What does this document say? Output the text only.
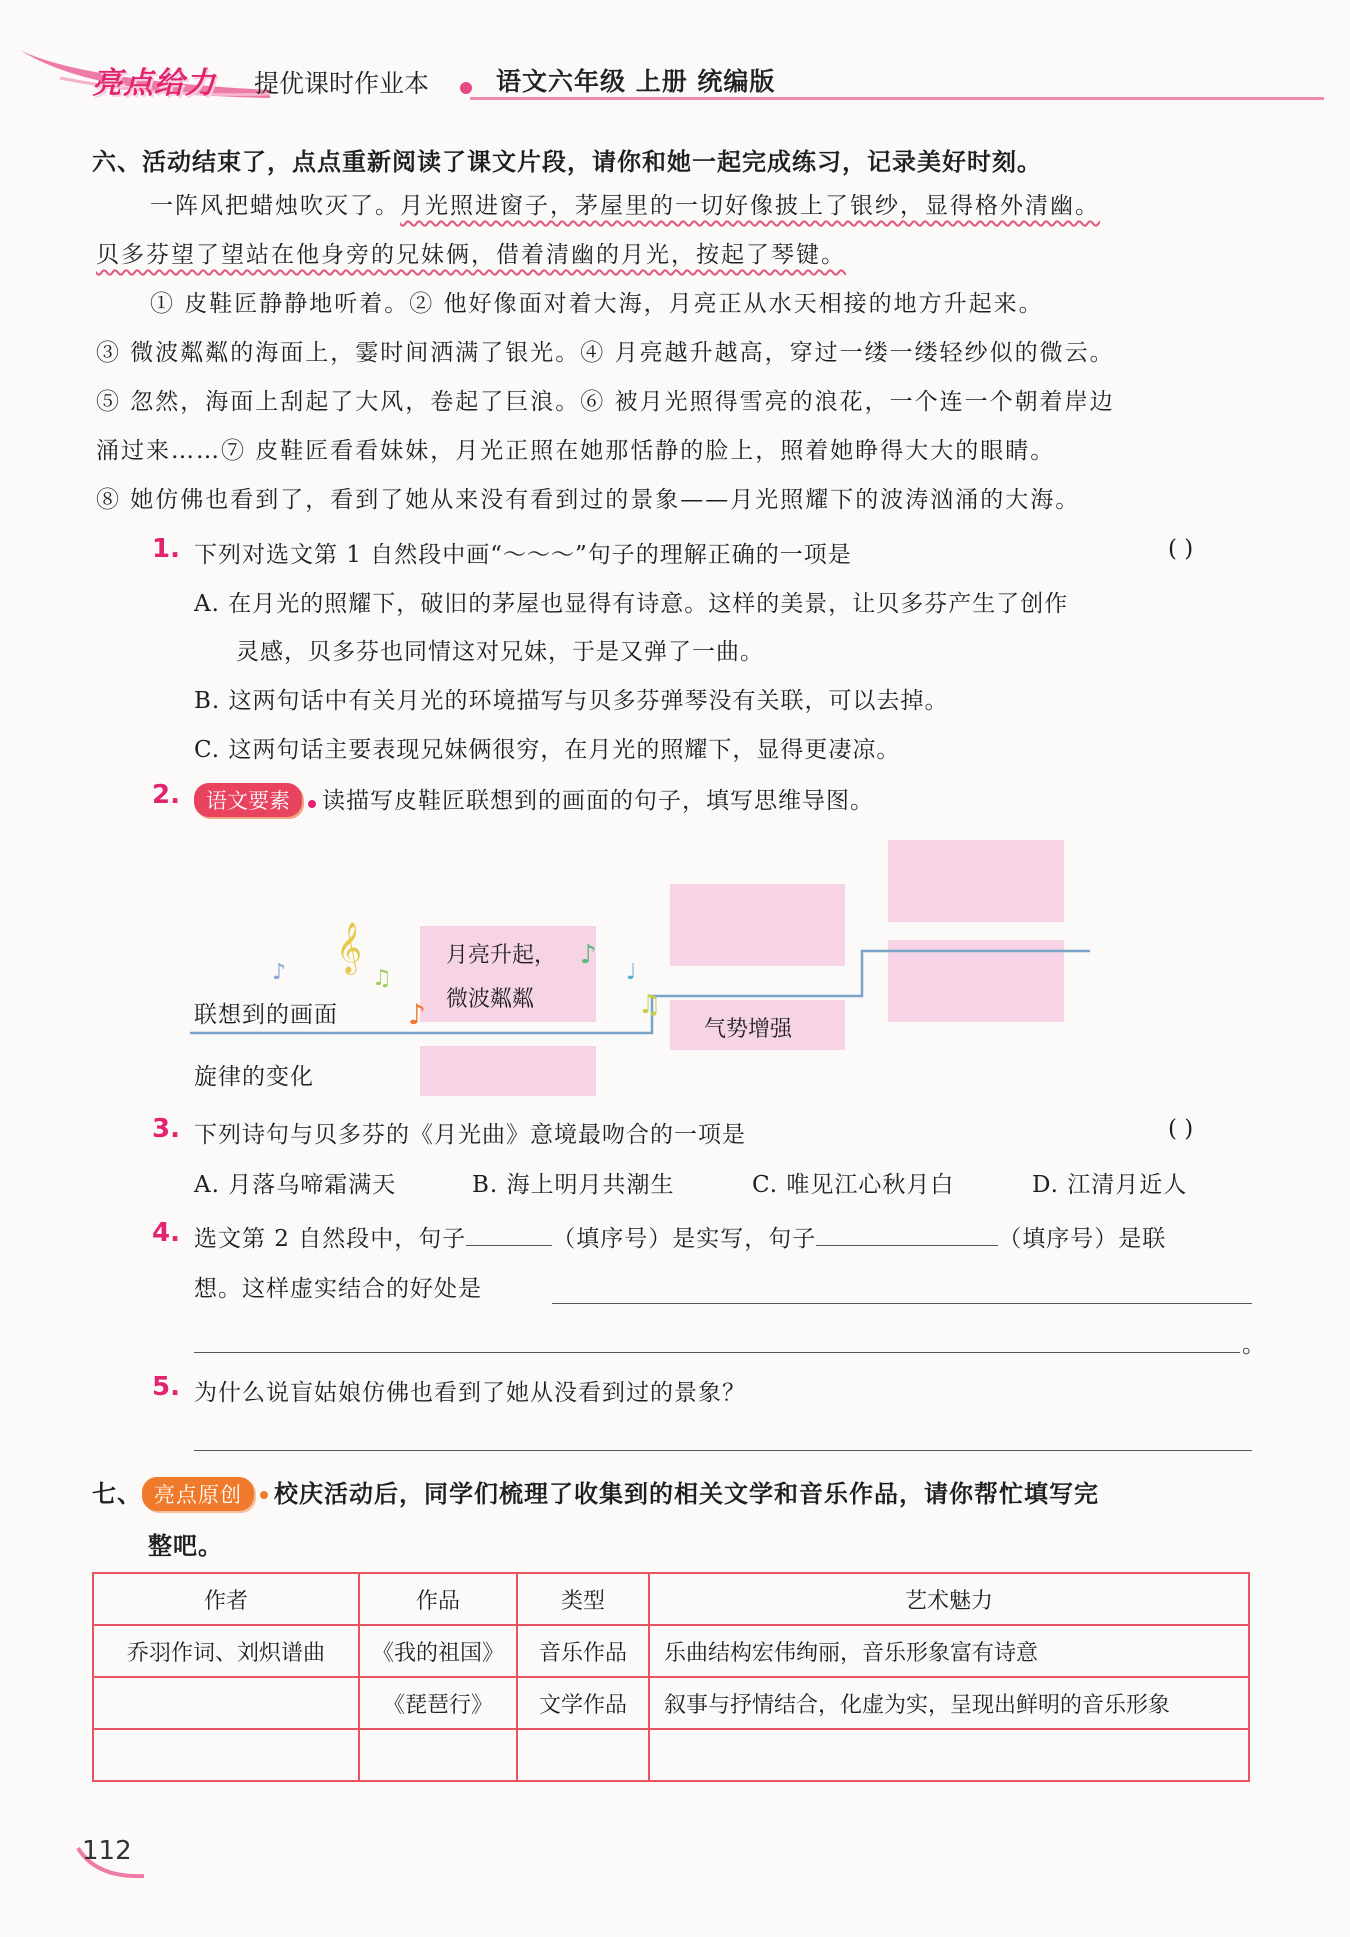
亮点给力 提优课时作业本	语文六年级 上册 统编版
六、活动结束了，点点重新阅读了课文片段，请你和她一起完成练习，记录美好时刻。
一阵风把蜡烛吹灭了。月光照进窗子，茅屋里的一切好像披上了银纱，显得格外清幽。
贝多芬望了望站在他身旁的兄妹俩，借着清幽的月光，按起了琴键。
① 皮鞋匠静静地听着。② 他好像面对着大海，月亮正从水天相接的地方升起来。
③ 微波粼粼的海面上，霎时间洒满了银光。④ 月亮越升越高，穿过一缕一缕轻纱似的微云。
⑤ 忽然，海面上刮起了大风，卷起了巨浪。⑥ 被月光照得雪亮的浪花，一个连一个朝着岸边
涌过来……⑦ 皮鞋匠看看妹妹，月光正照在她那恬静的脸上，照着她睁得大大的眼睛。
⑧ 她仿佛也看到了，看到了她从来没有看到过的景象——月光照耀下的波涛汹涌的大海。
1. 下列对选文第 1 自然段中画“～～～”句子的理解正确的一项是	( )
A. 在月光的照耀下，破旧的茅屋也显得有诗意。这样的美景，让贝多芬产生了创作
灵感，贝多芬也同情这对兄妹，于是又弹了一曲。
B. 这两句话中有关月光的环境描写与贝多芬弹琴没有关联，可以去掉。
C. 这两句话主要表现兄妹俩很穷，在月光的照耀下，显得更凄凉。
2.	语文要素 读描写皮鞋匠联想到的画面的句子，填写思维导图。
月亮升起，
微波粼粼
气势增强
联想到的画面
旋律的变化
♪ 𝄞
♫
♪
♪
♩
♫
3. 下列诗句与贝多芬的《月光曲》意境最吻合的一项是	( )
A. 月落乌啼霜满天	B. 海上明月共潮生	C. 唯见江心秋月白	D. 江清月近人
4. 选文第 2 自然段中，句子	（填序号）是实写，句子	（填序号）是联
想。这样虚实结合的好处是
。
5. 为什么说盲姑娘仿佛也看到了她从没看到过的景象？
七、 亮点原创 校庆活动后，同学们梳理了收集到的相关文学和音乐作品，请你帮忙填写完
整吧。
作者	作品	类型	艺术魅力
乔羽作词、刘炽谱曲	《我的祖国》	音乐作品	乐曲结构宏伟绚丽，音乐形象富有诗意
	《琵琶行》	文学作品	叙事与抒情结合，化虚为实，呈现出鲜明的音乐形象

112
